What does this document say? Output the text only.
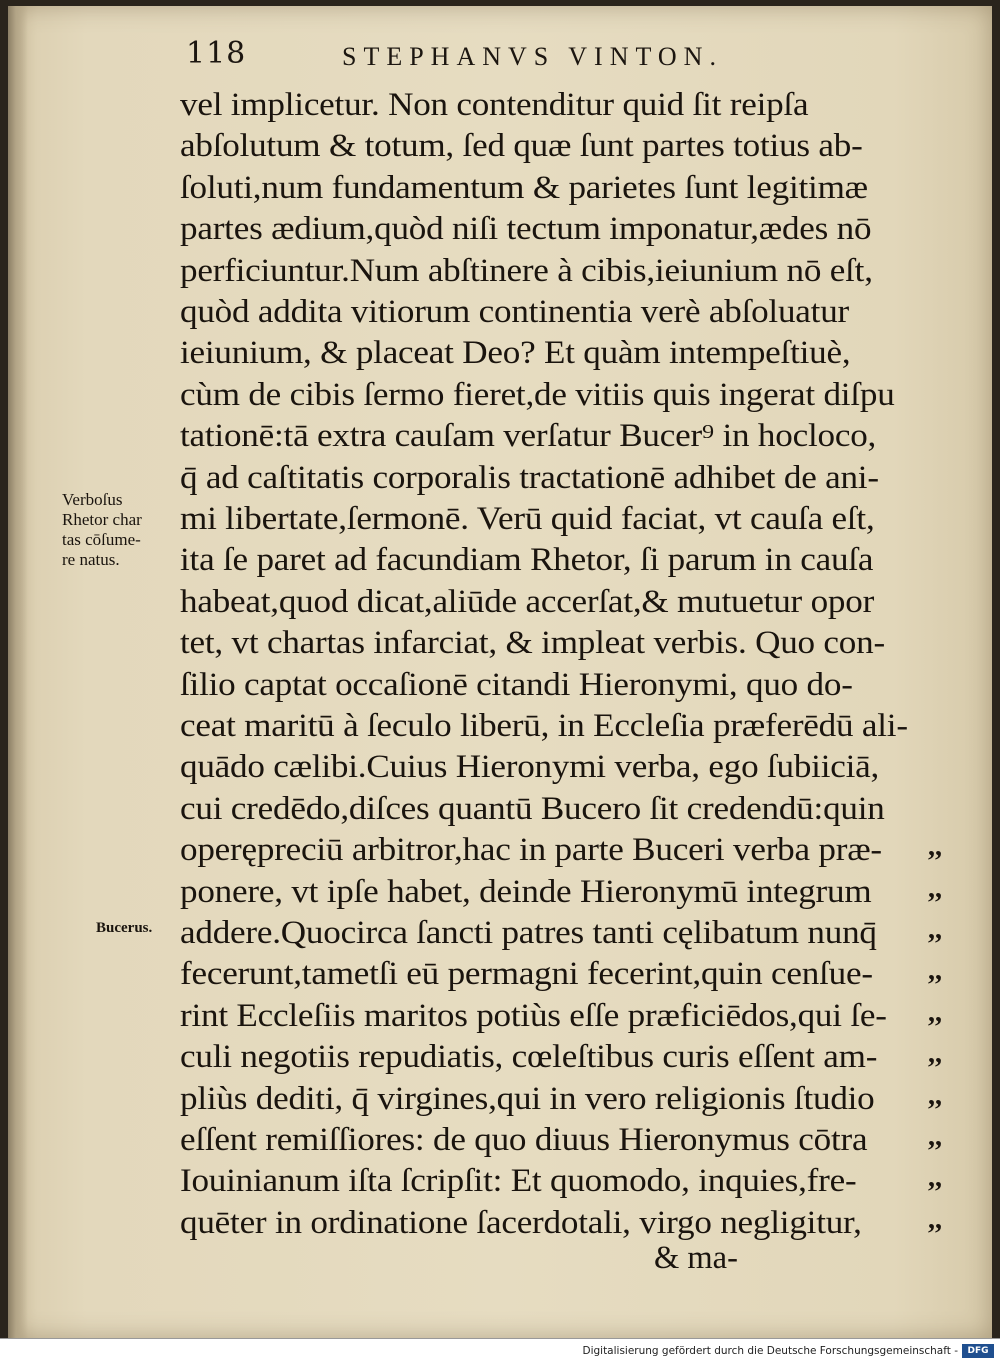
118	STEPHANVS VINTON.
vel implicetur. Non contenditur quid ſit reipſa
abſolutum & totum, ſed quæ ſunt partes totius ab-
ſoluti,num fundamentum & parietes ſunt legitimæ
partes ædium,quòd niſi tectum imponatur,ædes nō
perficiuntur.Num abſtinere à cibis,ieiunium nō eſt,
quòd addita vitiorum continentia verè abſoluatur
ieiunium, & placeat Deo? Et quàm intempeſtiuè,
cùm de cibis ſermo fieret,de vitiis quis ingerat diſpu
tationē:tā extra cauſam verſatur Bucer⁹ in hocloco,
q̄ ad caſtitatis corporalis tractationē adhibet de ani-
mi libertate,ſermonē. Verū quid faciat, vt cauſa eſt,
ita ſe paret ad facundiam Rhetor, ſi parum in cauſa
habeat,quod dicat,aliūde accerſat,& mutuetur opor
tet, vt chartas infarciat, & impleat verbis. Quo con-
ſilio captat occaſionē citandi Hieronymi, quo do-
ceat maritū à ſeculo liberū, in Eccleſia præferēdū ali-
quādo cælibi.Cuius Hieronymi verba, ego ſubiiciā,
cui credēdo,diſces quantū Bucero ſit credendū:quin
operępreciū arbitror,hac in parte Buceri verba præ-
ponere, vt ipſe habet, deinde Hieronymū integrum
addere.Quocirca ſancti patres tanti cęlibatum nunq̄
fecerunt,tametſi eū permagni fecerint,quin cenſue-
rint Eccleſiis maritos potiùs eſſe præficiēdos,qui ſe-
culi negotiis repudiatis, cœleſtibus curis eſſent am-
pliùs dediti, q̄ virgines,qui in vero religionis ſtudio
eſſent remiſſiores: de quo diuus Hieronymus cōtra
Iouinianum iſta ſcripſit: Et quomodo, inquies,fre-
quēter in ordinatione ſacerdotali, virgo negligitur,
Verboſus
Rhetor char
tas cōſume-
re natus.
Bucerus.
,,
,,
,,
,,
,,
,,
,,
,,
,,
,,
& ma-
Digitalisierung gefördert durch die Deutsche Forschungsgemeinschaft -	DFG
